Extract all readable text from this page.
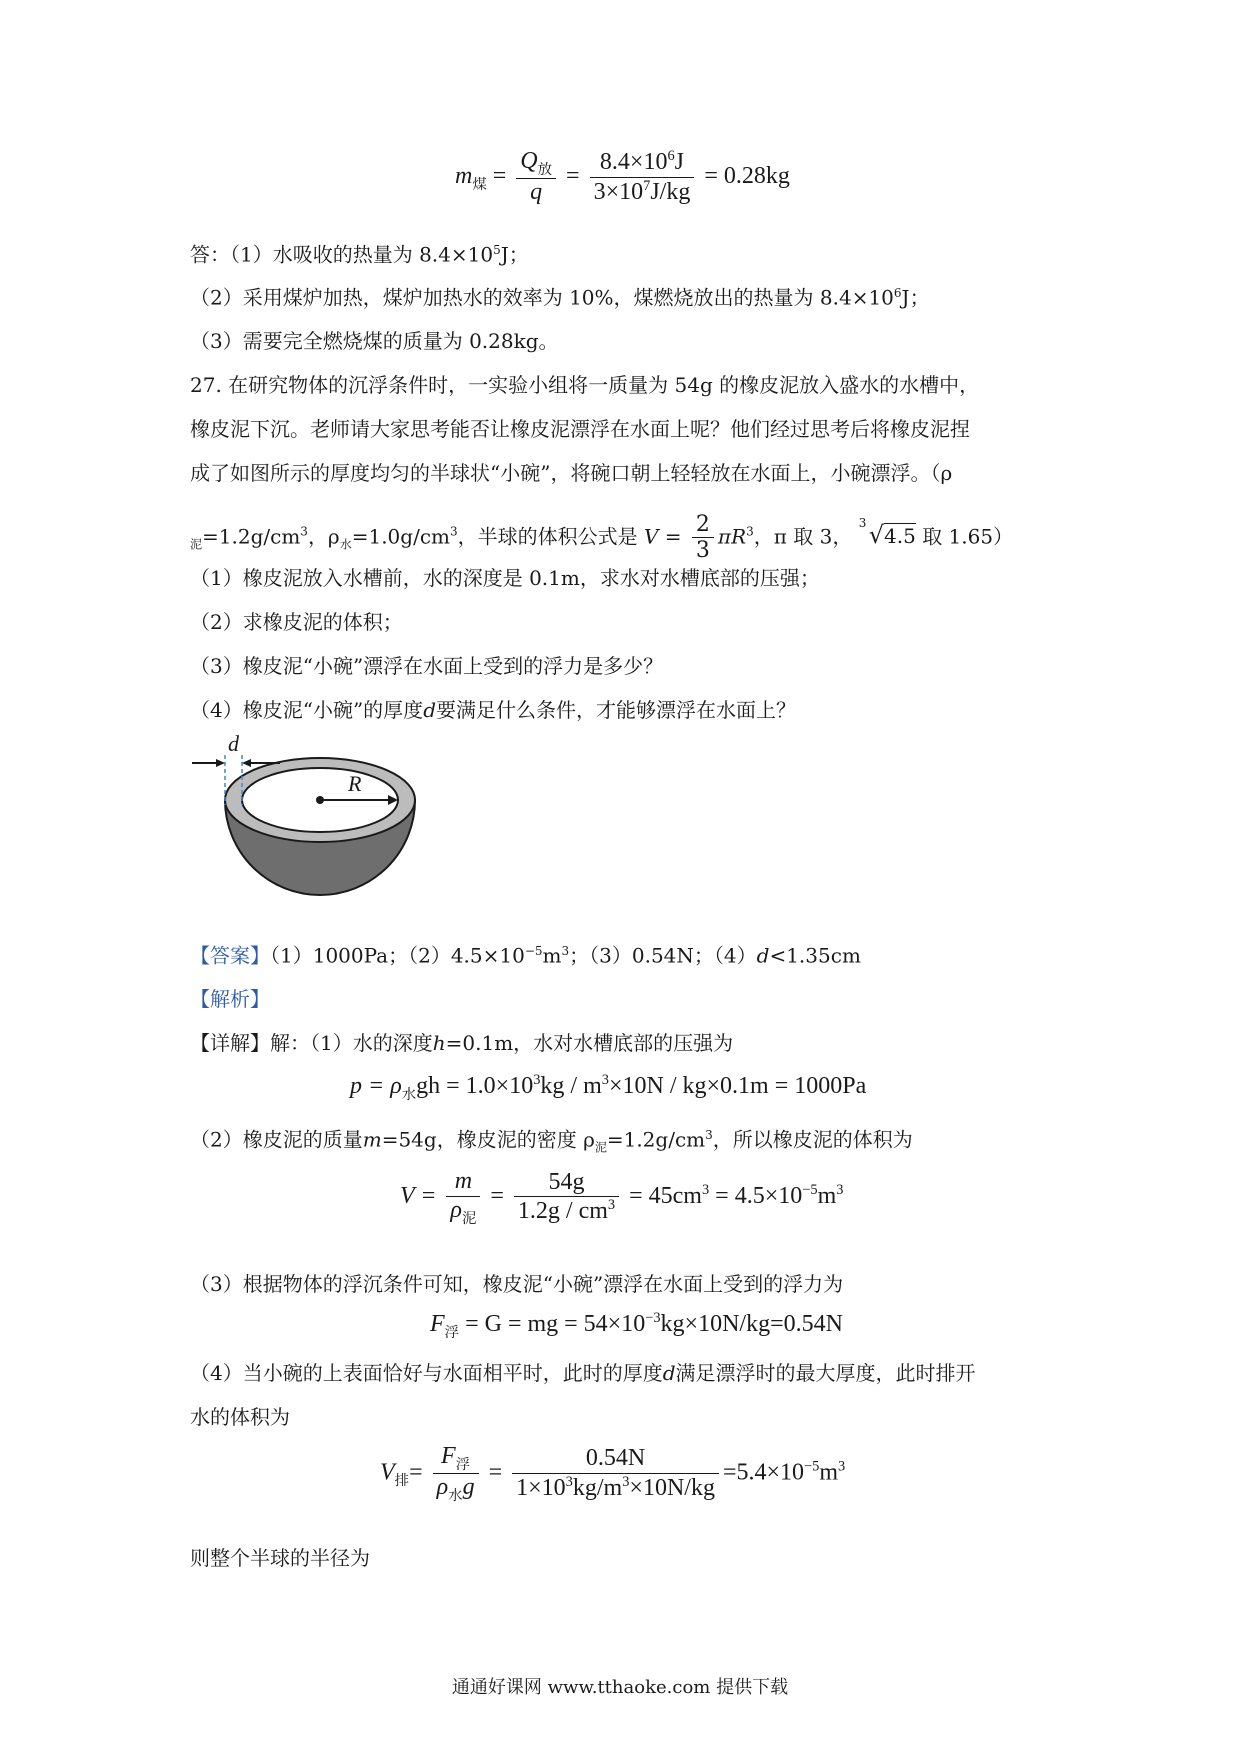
$m_煤 = \frac{Q_放}{q} = \frac{8.4\times 10^6J}{3\times 10^7J/kg} = 0.28kg$
答：（1）水吸收的热量为 $8.4\times 10^5J$；
（2）采用煤炉加热，煤炉加热水的效率为 10%，煤燃烧放出的热量为 $8.4\times 10^6J$；
（3）需要完全燃烧煤的质量为 0.28kg。
27. 在研究物体的沉浮条件时，一实验小组将一质量为 54g 的橡皮泥放入盛水的水槽中，
橡皮泥下沉。老师请大家思考能否让橡皮泥漂浮在水面上呢？他们经过思考后将橡皮泥捏
成了如图所示的厚度均匀的半球状“小碗”，将碗口朝上轻轻放在水面上，小碗漂浮。（ρ
$_泥=1.2g/cm^3$，$\rho_水=1.0g/cm^3$，半球的体积公式是 $V = \frac{2}{3} \pi R^3$，π 取 3，
3 √4.5 取 1.65）
（1）橡皮泥放入水槽前，水的深度是 0.1m，求水对水槽底部的压强；
（2）求橡皮泥的体积；
（3）橡皮泥“小碗”漂浮在水面上受到的浮力是多少？
（4）橡皮泥“小碗”的厚度d要满足什么条件，才能够漂浮在水面上？
d
R
【答案】（1）1000Pa；$(2)4.5\times 10^{-5}m^3$；（3）0.54N；（4）d<1.35cm
【解析】
【详解】解：（1）水的深度h=0.1m，水对水槽底部的压强为
$p = \rho_水gh = 1.0\times 10^3kg / m^3\times 10N / kg\times 0.1m = 1000Pa$
（2）橡皮泥的质量m=54g，橡皮泥的密度 $\rho_泥=1.2g/cm^3$，所以橡皮泥的体积为
$V = \frac{m}{\rho_泥} = \frac{54g}{1.2g / cm^3} = 45cm^3 = 4.5\times 10^{-5}m^3$
（3）根据物体的浮沉条件可知，橡皮泥“小碗”漂浮在水面上受到的浮力为
$F_浮 = G$ = mg = $54\times 10^{-3}kg\times 10N/kg=0.54N$
（4）当小碗的上表面恰好与水面相平时，此时的厚度d满足漂浮时的最大厚度，此时排开
水的体积为
$V_排= \frac{F_浮}{\rho_水g} = \frac{0.54N}{1\times 10^3kg/m^3\times 10N/kg} =5.4\times 10^{-5}m^3$
则整个半球的半径为
通通好课网 www.tthaoke.com 提供下载
